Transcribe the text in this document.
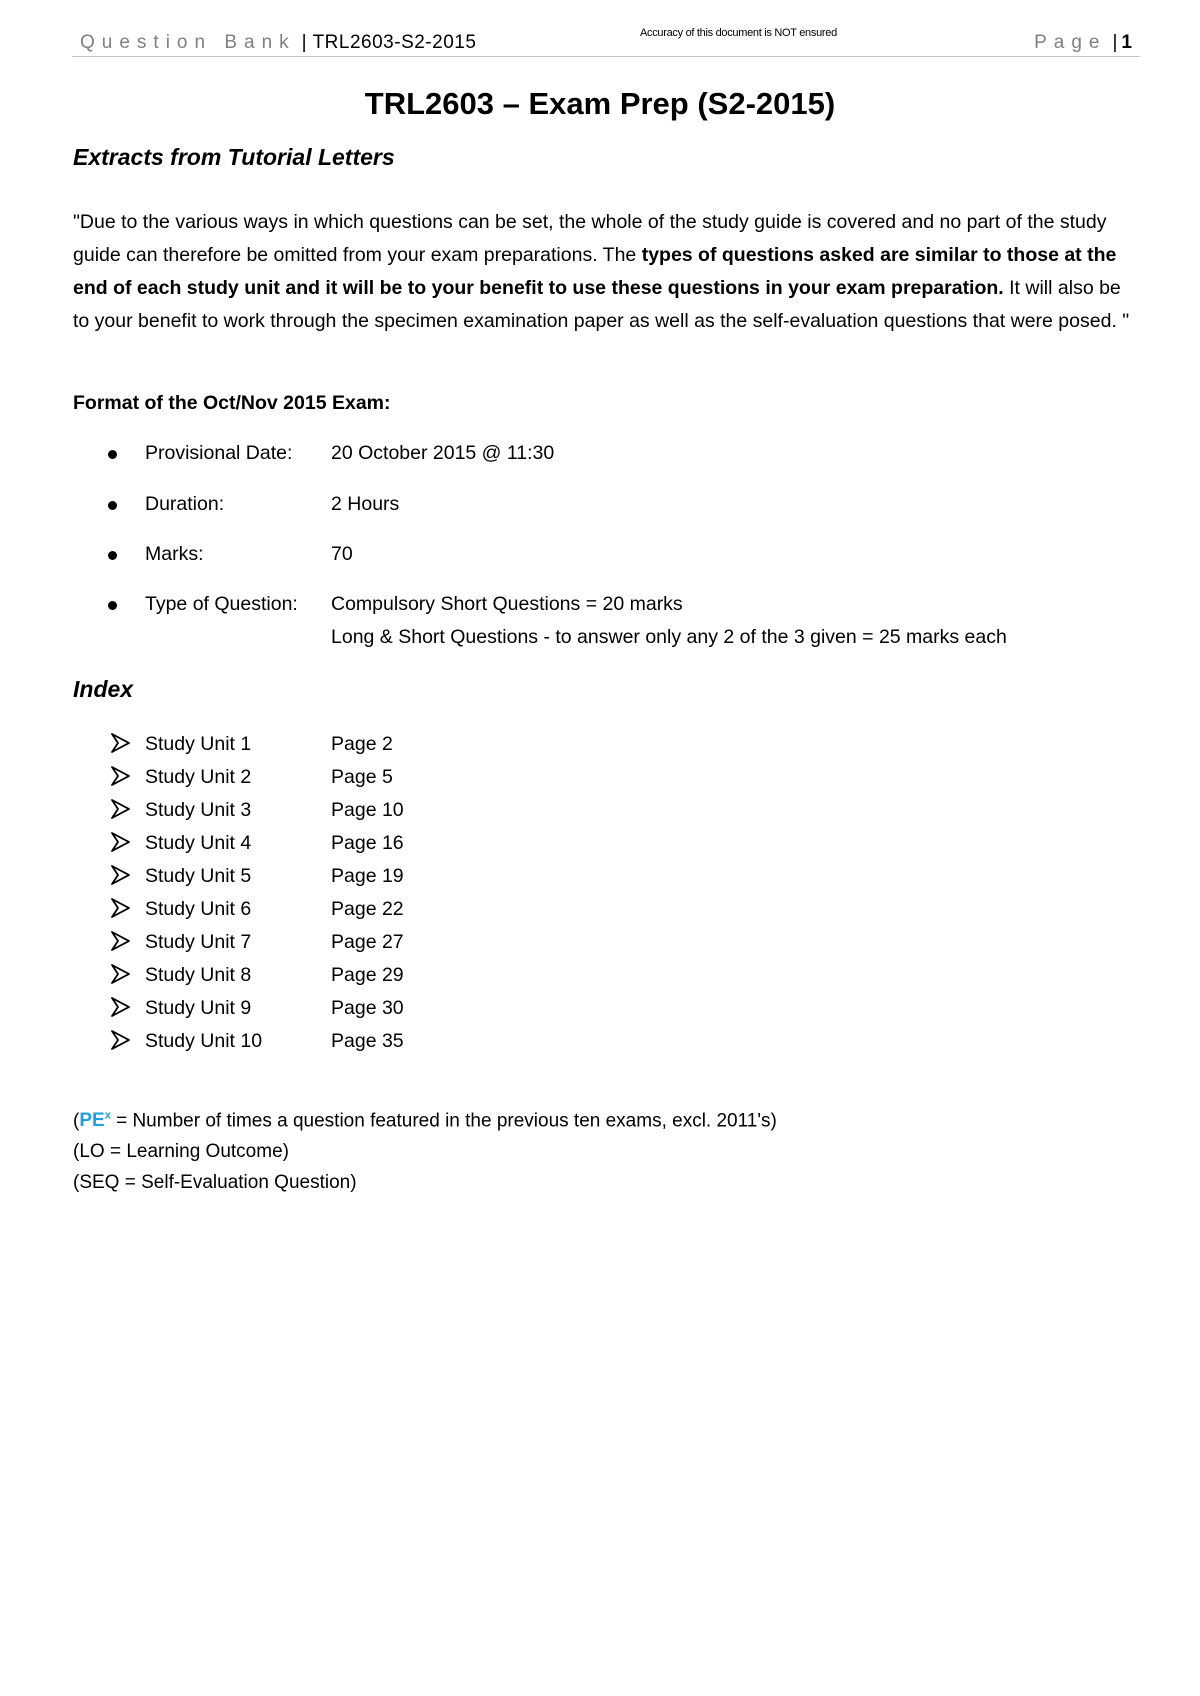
Question Bank | TRL2603-S2-2015	Accuracy of this document is NOT ensured	Page | 1
TRL2603 – Exam Prep (S2-2015)
Extracts from Tutorial Letters

"Due to the various ways in which questions can be set, the whole of the study guide is covered and no part of the study guide can therefore be omitted from your exam preparations. The types of questions asked are similar to those at the end of each study unit and it will be to your benefit to use these questions in your exam preparation. It will also be to your benefit to work through the specimen examination paper as well as the self-evaluation questions that were posed. "

Format of the Oct/Nov 2015 Exam:
Provisional Date: 20 October 2015 @ 11:30
Duration:	2 Hours
Marks:	70
Type of Question: Compulsory Short Questions = 20 marks
Long & Short Questions - to answer only any 2 of the 3 given = 25 marks each
Index
Study Unit 1	Page 2
Study Unit 2	Page 5
Study Unit 3	Page 10
Study Unit 4	Page 16
Study Unit 5	Page 19
Study Unit 6	Page 22
Study Unit 7	Page 27
Study Unit 8	Page 29
Study Unit 9	Page 30
Study Unit 10	Page 35
($PE^x$ = Number of times a question featured in the previous ten exams, excl. 2011's)
(LO = Learning Outcome)
(SEQ = Self-Evaluation Question)
